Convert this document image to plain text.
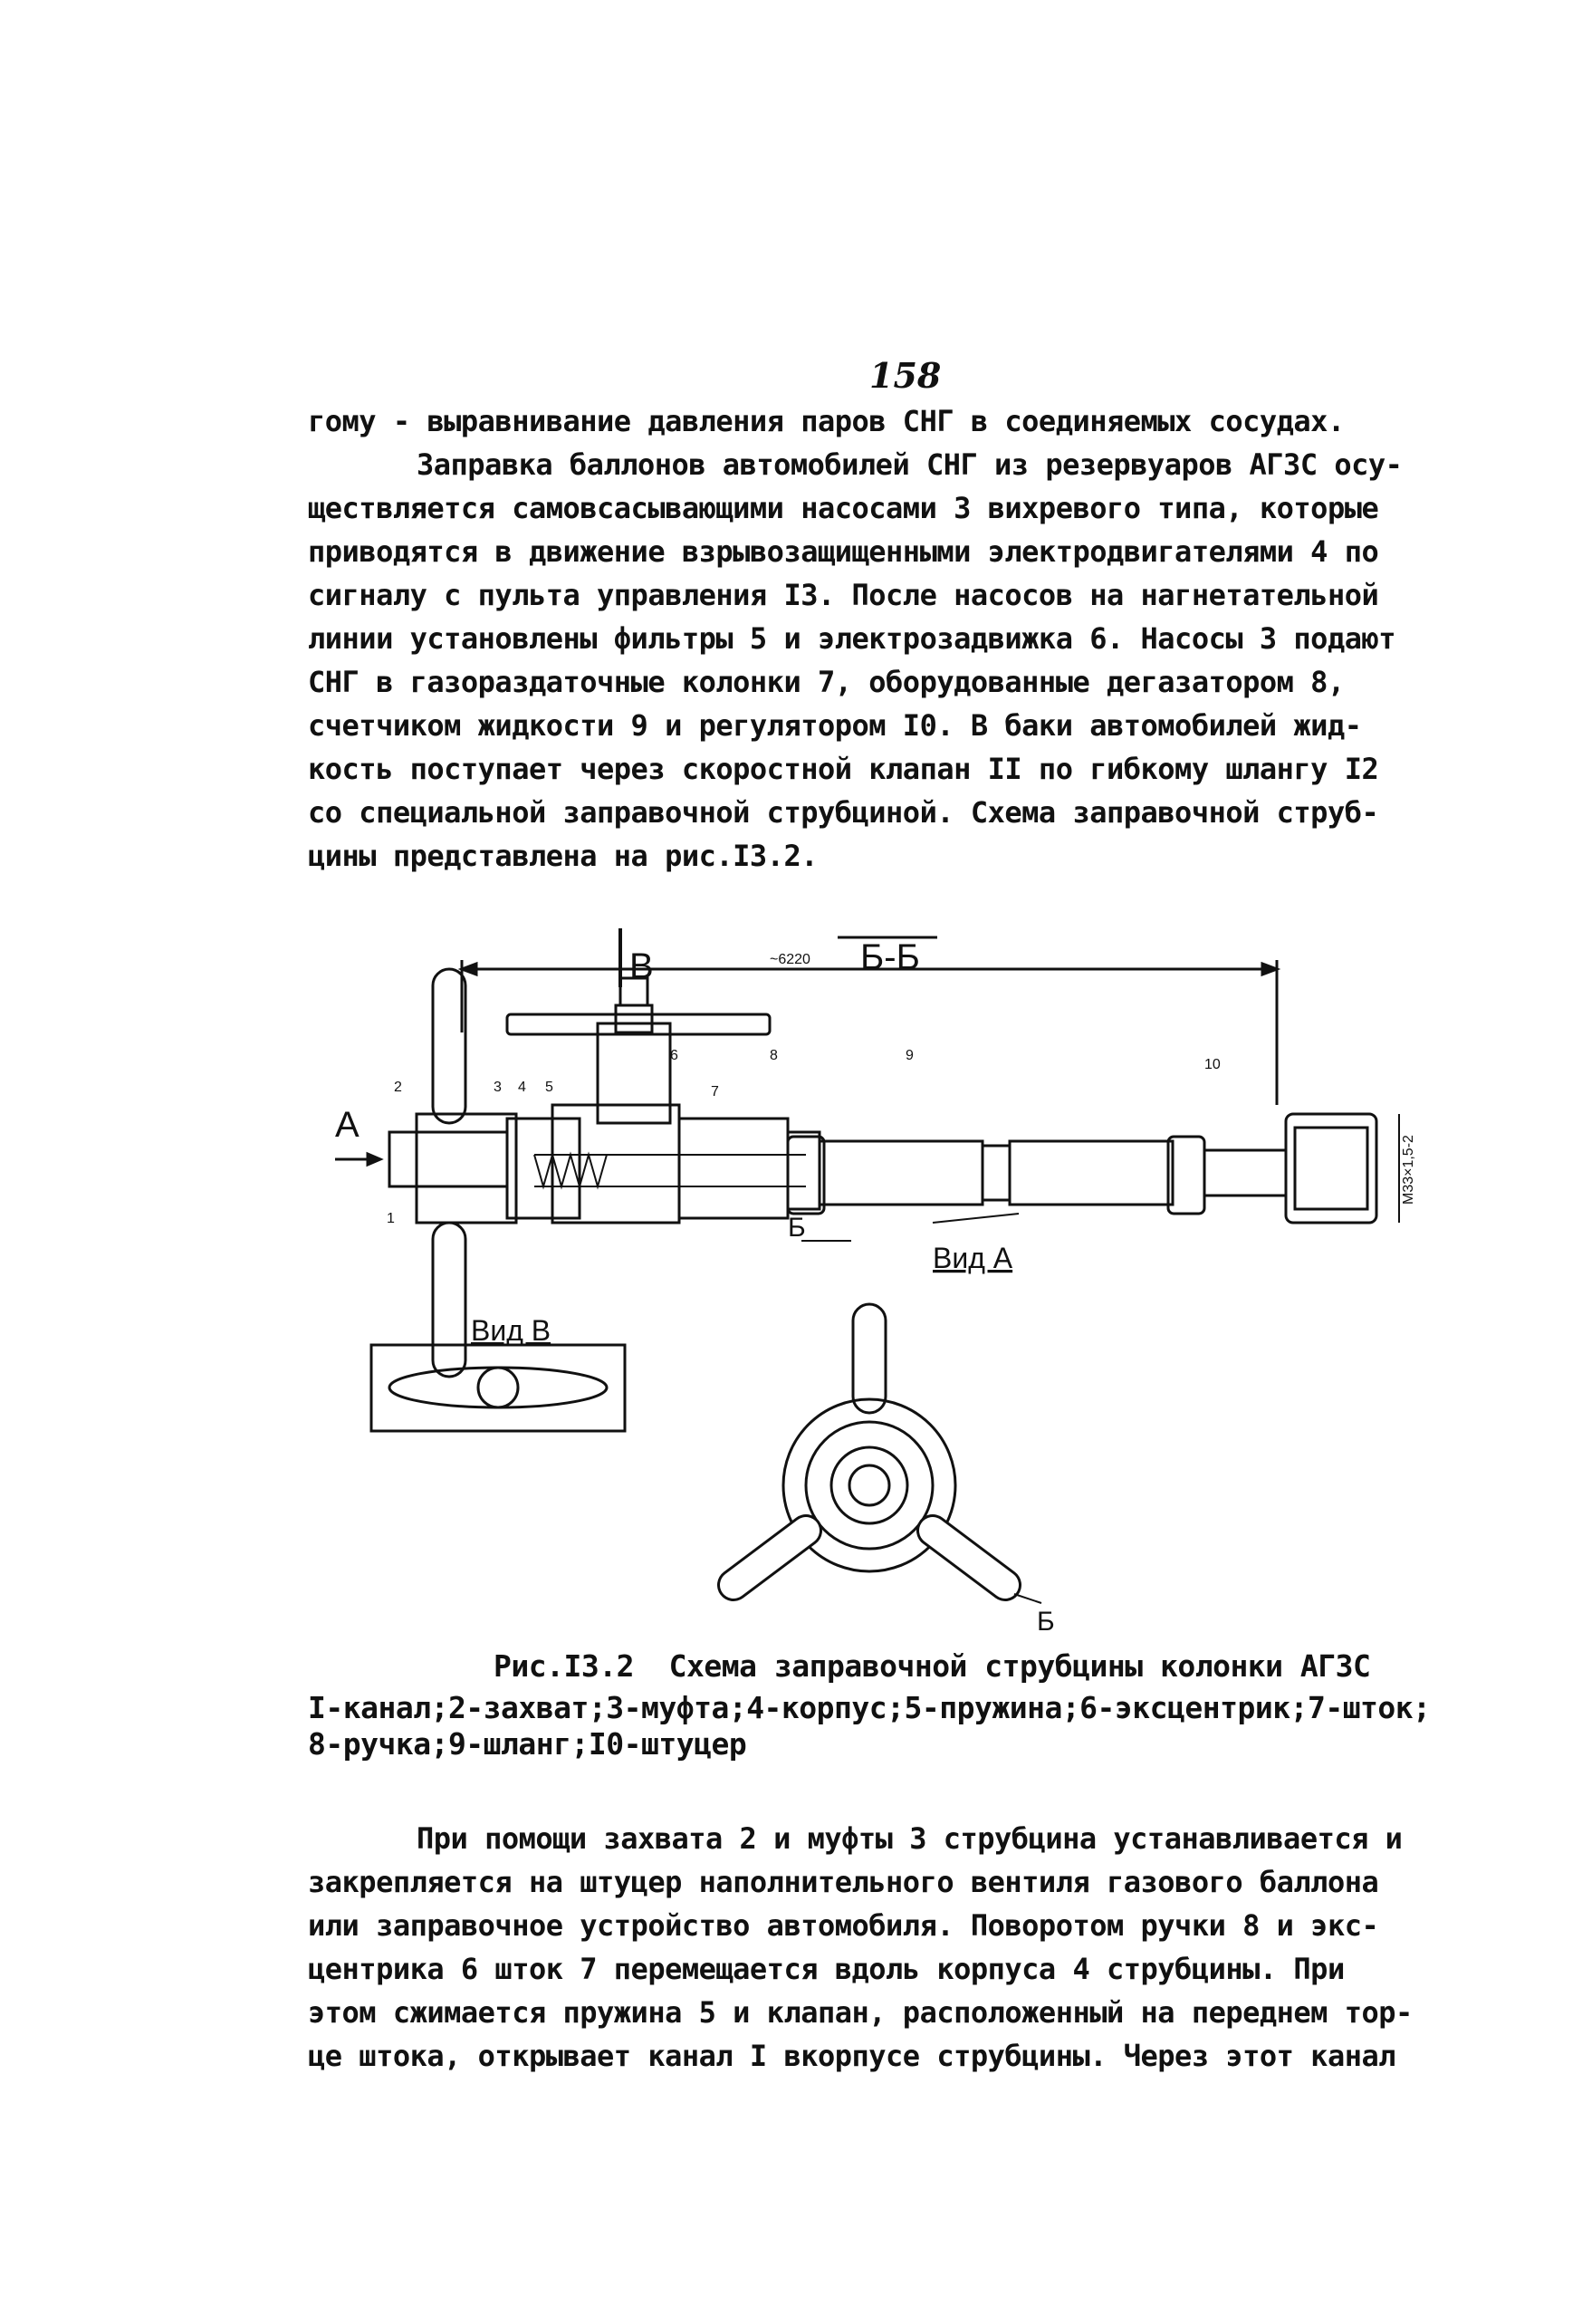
158
гому - выравнивание давления паров СНГ в соединяемых сосудах.
Заправка баллонов автомобилей СНГ из резервуаров АГЗС осу-
ществляется самовсасывающими насосами 3 вихревого типа, которые
приводятся в движение взрывозащищенными электродвигателями 4 по
сигналу с пульта управления I3. После насосов на нагнетательной
линии установлены фильтры 5 и электрозадвижка 6. Насосы 3 подают
СНГ в газораздаточные колонки 7, оборудованные дегазатором 8,
счетчиком жидкости 9 и регулятором I0. В баки автомобилей жид-
кость поступает через скоростной клапан II по гибкому шлангу I2
со специальной заправочной струбциной. Схема заправочной струб-
цины представлена на рис.I3.2.
В	Б-Б
А
Вид В
Вид А
Б
Б
~6220
М33×1,5-2
1
2	3 4 5
6
7
8	9
10
Рис.I3.2  Схема заправочной струбцины колонки АГЗС
I-канал;2-захват;3-муфта;4-корпус;5-пружина;6-эксцентрик;7-шток;
8-ручка;9-шланг;I0-штуцер
При помощи захвата 2 и муфты 3 струбцина устанавливается и
закрепляется на штуцер наполнительного вентиля газового баллона
или заправочное устройство автомобиля. Поворотом ручки 8 и экс-
центрика 6 шток 7 перемещается вдоль корпуса 4 струбцины. При
этом сжимается пружина 5 и клапан, расположенный на переднем тор-
це штока, открывает канал I вкорпусе струбцины. Через этот канал
